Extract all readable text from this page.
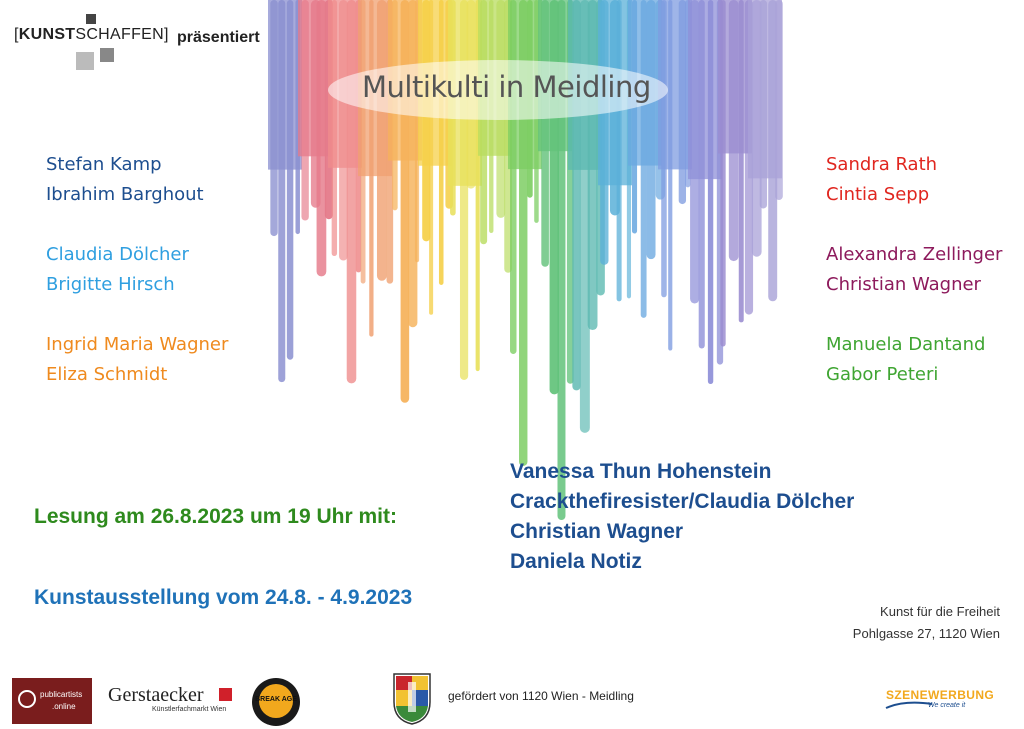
[KUNSTSCHAFFEN] präsentiert
Multikulti in Meidling
Stefan Kamp
Ibrahim Barghout
Claudia Dölcher
Brigitte Hirsch
Ingrid Maria Wagner
Eliza Schmidt
Sandra Rath
Cintia Sepp
Alexandra Zellinger
Christian Wagner
Manuela Dantand
Gabor Peteri
Lesung am 26.8.2023 um 19 Uhr mit:
Vanessa Thun Hohenstein
Crackthefiresister/Claudia Dölcher
Christian Wagner
Daniela Notiz
Kunstausstellung vom 24.8. - 4.9.2023
Kunst für die Freiheit
Pohlgasse 27, 1120 Wien
publicartists
.online
Gerstaecker
Künstlerfachmarkt Wien
BREAK AGE	gefördert von 1120 Wien - Meidling	SZENEWERBUNG
We create it
